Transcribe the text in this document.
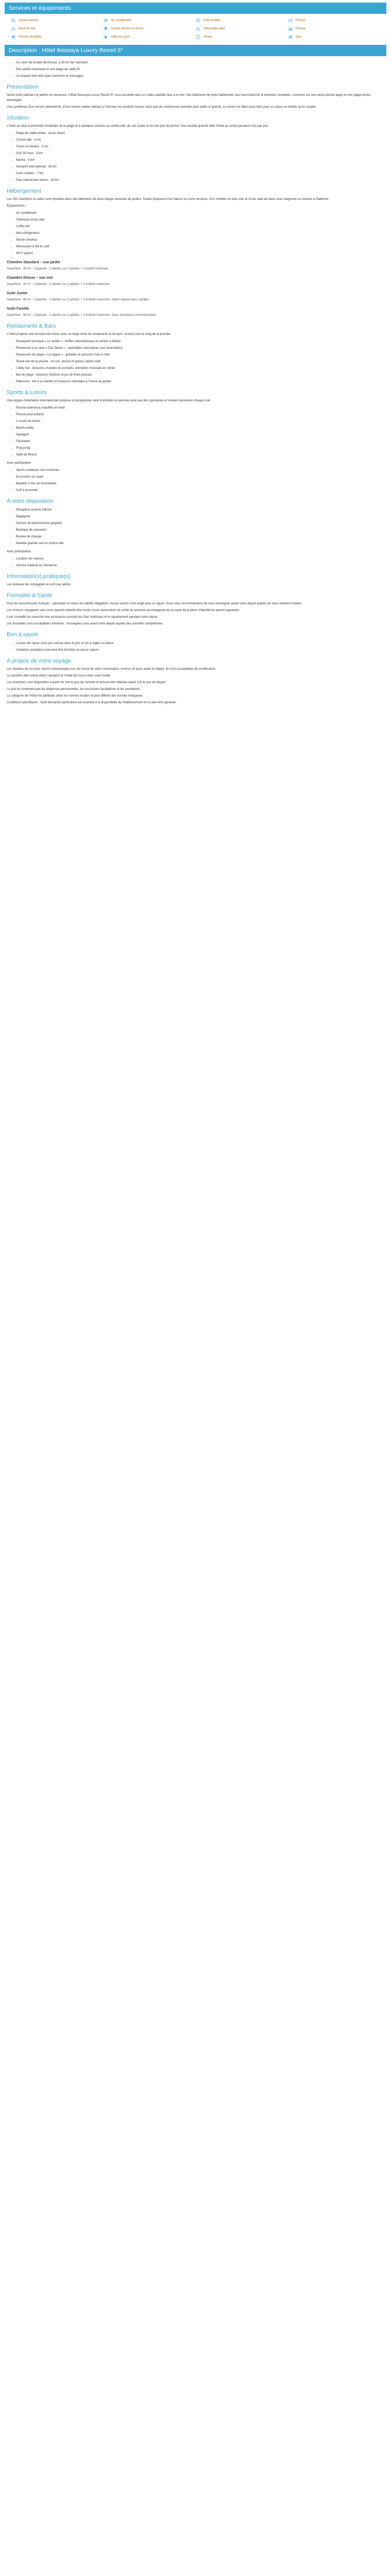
Services et équipements
≋	Accès internet	✻	Air conditionné	☺ Club enfants	⊶ Fitness
≈	Bord de mer	♥	Centre remise en forme	⌂	Hôtel plain-pied	◒	Piscine
◓	Piscine chauffée	◆	Salle de sport	◯ Tennis	✿	Spa
Description : Hôtel Ikessaya Luxury Resort 5*
• Au cœur de la baie de Kerzaz, à 26 km de l’aéroport
• Des jardins luxuriants et une plage de sable fin
• Un espace bien-être avec hammam et massages
Présentation

Niché entre palmiers et jardins en terrasses, l’Hôtel Ikessaya Luxury Resort 5* vous accueille dans un cadre paisible face à la mer. Ses bâtiments de style traditionnel, aux murs blanchis et boiseries sculptées, s’ouvrent sur une vaste piscine lagon et une plage privée aménagée.

Vous profiterez d’un service attentionné, d’une cuisine variée mettant à l’honneur les produits locaux, ainsi que de nombreuses activités pour petits et grands. Le resort est idéal aussi bien pour un séjour en famille qu’en couple.

Situation

L’hôtel se situe à proximité immédiate de la plage et à quelques minutes du centre-ville, de ses souks et de son port de pêche. Une navette gratuite relie l’hôtel au centre plusieurs fois par jour.

• Plage de sable privée : accès direct
• Centre-ville : 4 km
• Souks et médina : 5 km
• Golf 18 trous : 9 km
• Marina : 6 km
• Aéroport international : 26 km
• Gare routière : 7 km
• Parc naturel des dunes : 15 km
Hébergement

Les 142 chambres et suites sont réparties dans des bâtiments de deux étages entourés de jardins. Toutes disposent d’un balcon ou d’une terrasse, d’un mobilier en bois clair et d’une salle de bains avec baignoire ou douche à l’italienne.

Équipements :

• Air conditionné
• Télévision écran plat
• Coffre-fort
• Mini-réfrigérateur
• Sèche-cheveux
• Nécessaire à thé et café
• Wi-Fi gratuit
Chambre Standard – vue jardin

Superficie : 28 m² – Capacité : 2 adultes ou 2 adultes + 1 enfant maximum

Chambre Deluxe – vue mer

Superficie : 34 m² – Capacité : 3 adultes ou 2 adultes + 2 enfants maximum

Suite Junior

Superficie : 46 m² – Capacité : 3 adultes ou 2 adultes + 2 enfants maximum. Salon séparé avec canapé.

Suite Famille

Superficie : 58 m² – Capacité : 4 adultes ou 2 adultes + 3 enfants maximum. Deux chambres communicantes.

Restaurants & Bars

L’hôtel propose une formule tout inclus avec un large choix de restaurants et de bars, ouverts tout au long de la journée.

• Restaurant principal « Le Jardin » : buffets internationaux et soirées à thème
• Restaurant à la carte « Dar Zitoun » : spécialités marocaines (sur réservation)
• Restaurant de plage « La Vague » : grillades et poissons frais à midi
• Snack-bar de la piscine : en-cas, pizzas et glaces l’après-midi
• Lobby bar : boissons chaudes et cocktails, animation musicale en soirée
• Bar de plage : boissons fraîches et jus de fruits pressés
• Pâtisserie : thé à la menthe et douceurs orientales à l’heure du goûter
Sports & Loisirs

Une équipe d’animation internationale propose un programme varié d’activités en journée ainsi que des spectacles et soirées dansantes chaque soir.

• Piscine extérieure chauffée en hiver
• Piscine pour enfants
• 2 courts de tennis
• Beach-volley
• Aquagym
• Fléchettes
• Ping-pong
• Salle de fitness

Avec participation :

• Sports nautiques non motorisés
• Excursions en quad
• Balades à dos de dromadaire
• Golf à proximité
À votre disposition
• Réception ouverte 24h/24
• Bagagerie
• Service de blanchisserie (payant)
• Boutique de souvenirs
• Bureau de change
• Navette gratuite vers le centre-ville

Avec participation :

• Location de voitures
• Service médical sur demande
Information(s) pratique(s)

Les animaux de compagnie ne sont pas admis.

Formalité & Santé

Pour les ressortissants français : passeport en cours de validité obligatoire. Aucun vaccin n’est exigé pour ce séjour. Nous vous recommandons de vous renseigner avant votre départ auprès de votre médecin traitant.

Les mineurs voyageant sans leurs parents doivent être munis d’une autorisation de sortie du territoire accompagnée de la copie de la pièce d’identité du parent signataire.

Il est conseillé de souscrire une assurance couvrant les frais médicaux et le rapatriement pendant votre séjour.

Les formalités sont susceptibles d’évoluer : renseignez-vous avant votre départ auprès des autorités compétentes.

Bon à savoir
• La taxe de séjour n’est pas incluse dans le prix et est à régler sur place.
• Certaines prestations peuvent être fermées en basse saison.
A propos de votre voyage

Les horaires de vol vous seront communiqués lors de l’envoi de votre convocation, environ 10 jours avant le départ. Ils sont susceptibles de modification.

Le transfert aller-retour entre l’aéroport et l’hôtel est inclus dans votre forfait.

Les chambres sont disponibles à partir de 14h le jour de l’arrivée et doivent être libérées avant 12h le jour du départ.

Le prix ne comprend pas les dépenses personnelles, les excursions facultatives et les pourboires.

La catégorie de l’hôtel est attribuée selon les normes locales et peut différer des normes françaises.

Conditions spécifiques : toute demande particulière est soumise à la disponibilité de l’établissement et ne peut être garantie.
